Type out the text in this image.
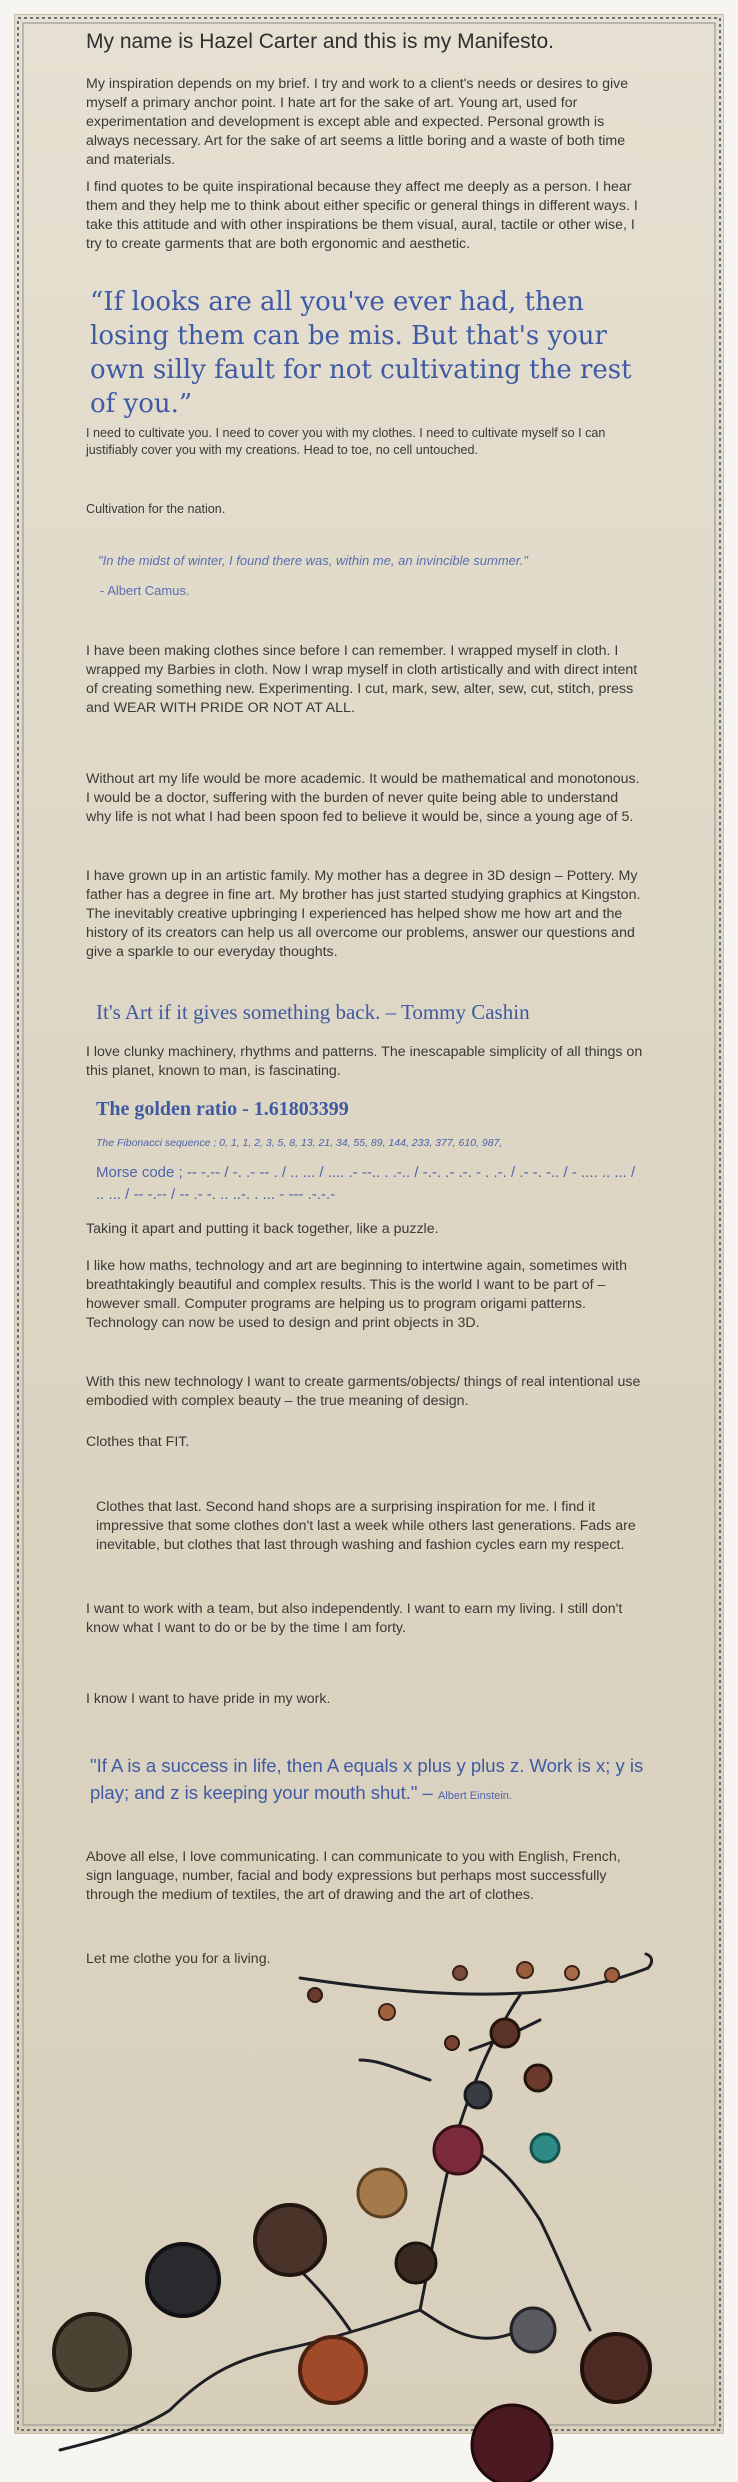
My name is Hazel Carter and this is my Manifesto.
My inspiration depends on my brief. I try and work to a client's needs or desires to give myself a primary anchor point. I hate art for the sake of art. Young art, used for experimentation and development is except able and expected. Personal growth is always necessary. Art for the sake of art seems a little boring and a waste of both time and materials.
I find quotes to be quite inspirational because they affect me deeply as a person. I hear them and they help me to think about either specific or general things in different ways. I take this attitude and with other inspirations be them visual, aural, tactile or other wise, I try to create garments that are both ergonomic and aesthetic.
“If looks are all you've ever had, then losing them can be mis. But that's your own silly fault for not cultivating the rest of you.”
I need to cultivate you. I need to cover you with my clothes. I need to cultivate myself so I can justifiably cover you with my creations. Head to toe, no cell untouched.
Cultivation for the nation.
"In the midst of winter, I found there was, within me, an invincible summer."
- Albert Camus.
I have been making clothes since before I can remember. I wrapped myself in cloth. I wrapped my Barbies in cloth. Now I wrap myself in cloth artistically and with direct intent of creating something new. Experimenting. I cut, mark, sew, alter, sew, cut, stitch, press and WEAR WITH PRIDE OR NOT AT ALL.
Without art my life would be more academic. It would be mathematical and monotonous. I would be a doctor, suffering with the burden of never quite being able to understand why life is not what I had been spoon fed to believe it would be, since a young age of 5.
I have grown up in an artistic family. My mother has a degree in 3D design – Pottery. My father has a degree in fine art. My brother has just started studying graphics at Kingston. The inevitably creative upbringing I experienced has helped show me how art and the history of its creators can help us all overcome our problems, answer our questions and give a sparkle to our everyday thoughts.
It's Art if it gives something back. – Tommy Cashin
I love clunky machinery, rhythms and patterns. The inescapable simplicity of all things on this planet, known to man, is fascinating.
The golden ratio - 1.61803399
The Fibonacci sequence ; 0, 1, 1, 2, 3, 5, 8, 13, 21, 34, 55, 89, 144, 233, 377, 610, 987,
Morse code ; -- -.-- / -. .- -- . / .. ... / .... .- --.. . .-.. / -.-. .- .-. - . .-. / .- -. -.. / - .... .. ... / .. ... / -- -.-- / -- .- -. .. ..-. . ... - --- .-.-.-
Taking it apart and putting it back together, like a puzzle.
I like how maths, technology and art are beginning to intertwine again, sometimes with breathtakingly beautiful and complex results. This is the world I want to be part of – however small. Computer programs are helping us to program origami patterns. Technology can now be used to design and print objects in 3D.
With this new technology I want to create garments/objects/ things of real intentional use embodied with complex beauty – the true meaning of design.
Clothes that FIT.
Clothes that last. Second hand shops are a surprising inspiration for me. I find it impressive that some clothes don't last a week while others last generations. Fads are inevitable, but clothes that last through washing and fashion cycles earn my respect.
I want to work with a team, but also independently. I want to earn my living. I still don't know what I want to do or be by the time I am forty.
I know I want to have pride in my work.
"If A is a success in life, then A equals x plus y plus z. Work is x; y is play; and z is keeping your mouth shut." – Albert Einstein.
Above all else, I love communicating. I can communicate to you with English, French, sign language, number, facial and body expressions but perhaps most successfully through the medium of textiles, the art of drawing and the art of clothes.
Let me clothe you for a living.
